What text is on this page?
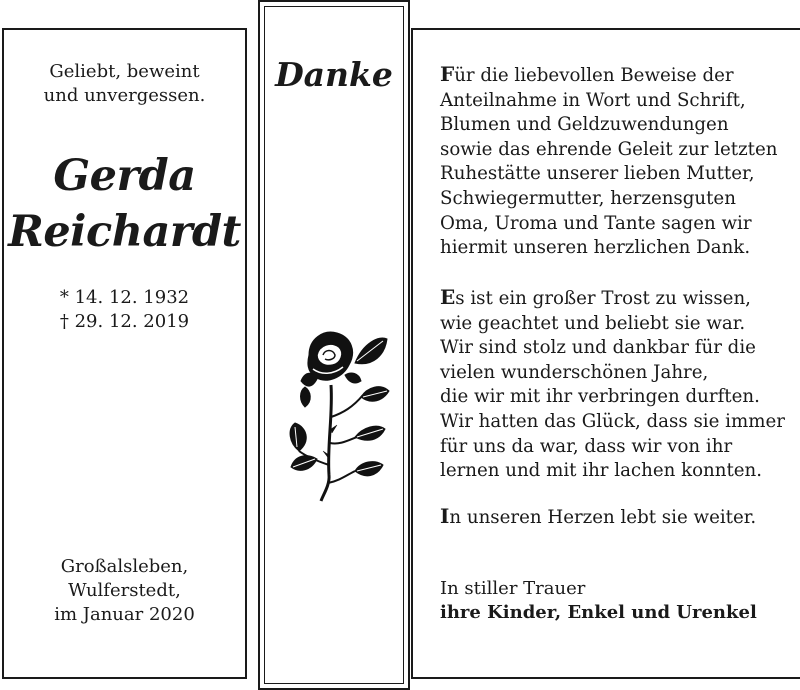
Geliebt, beweint
und unvergessen.
Gerda
Reichardt
* 14. 12. 1932
† 29. 12. 2019
Großalsleben,
Wulferstedt,
im Januar 2020
Danke	Für die liebevollen Beweise der
Anteilnahme in Wort und Schrift,
Blumen und Geldzuwendungen
sowie das ehrende Geleit zur letzten
Ruhestätte unserer lieben Mutter,
Schwiegermutter, herzensguten
Oma, Uroma und Tante sagen wir
hiermit unseren herzlichen Dank.

Es ist ein großer Trost zu wissen,
wie geachtet und beliebt sie war.
Wir sind stolz und dankbar für die
vielen wunderschönen Jahre,
die wir mit ihr verbringen durften.
Wir hatten das Glück, dass sie immer
für uns da war, dass wir von ihr
lernen und mit ihr lachen konnten.

In unseren Herzen lebt sie weiter.

In stiller Trauer
ihre Kinder, Enkel und Urenkel
